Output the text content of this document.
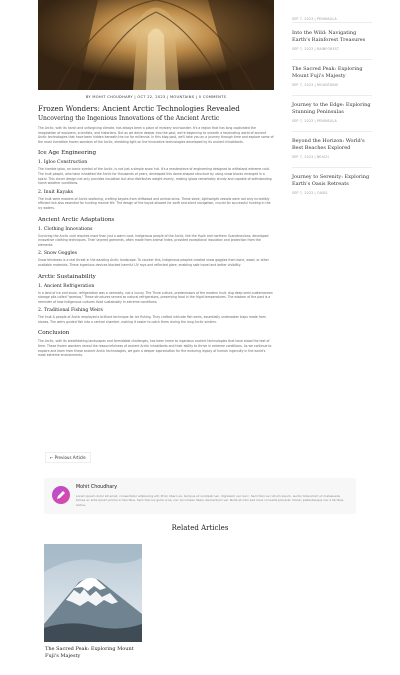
BY MOHIT CHOUDHARY | OCT 22, 2023 | MOUNTAINS | 0 COMMENTS
Frozen Wonders: Ancient Arctic Technologies Revealed
Uncovering the Ingenious Innovations of the Ancient Arctic
The Arctic, with its harsh and unforgiving climate, has always been a place of mystery and wonder. It's a region that has long captivated the imagination of explorers, scientists, and historians. But as we delve deeper into the past, we're beginning to unearth a fascinating world of ancient Arctic technologies that have been hidden beneath the ice for millennia. In this blog post, we'll take you on a journey through time and explore some of the most incredible frozen wonders of the Arctic, shedding light on the innovative technologies developed by its ancient inhabitants.
Ice Age Engineering
1. Igloo Construction
The humble igloo, an iconic symbol of the Arctic, is not just a simple snow hut. It's a masterpiece of engineering designed to withstand extreme cold. The Inuit people, who have inhabited the Arctic for thousands of years, developed this dome-shaped structure by using snow blocks arranged in a spiral. This clever design not only provides insulation but also distributes weight evenly, making igloos remarkably sturdy and capable of withstanding harsh weather conditions.
2. Inuit Kayaks
The Inuit were masters of Arctic seafaring, crafting kayaks from driftwood and animal skins. These sleek, lightweight vessels were not only incredibly efficient but also essential for hunting marine life. The design of the kayak allowed for swift and silent navigation, crucial for successful hunting in the icy waters.
Ancient Arctic Adaptations
1. Clothing Innovations
Surviving the Arctic cold requires more than just a warm coat. Indigenous people of the Arctic, like the Yupik and northern Scandinavians, developed innovative clothing techniques. Their layered garments, often made from animal hides, provided exceptional insulation and protection from the elements.
2. Snow Goggles
Snow blindness is a real threat in the dazzling Arctic landscape. To counter this, Indigenous peoples created snow goggles from bone, wood, or other available materials. These ingenious devices blocked harmful UV rays and reflected glare, enabling safe travel and better visibility.
Arctic Sustainability
1. Ancient Refrigeration
In a land of ice and snow, refrigeration was a necessity, not a luxury. The Thule culture, predecessors of the modern Inuit, dug deep semi-subterranean storage pits called "qarmaq." These structures served as natural refrigerators, preserving food in the frigid temperatures. The wisdom of the past is a reminder of how Indigenous cultures lived sustainably in extreme conditions.
2. Traditional Fishing Weirs
The Inuit & people of Arctic employed a brilliant technique for ice fishing. They crafted intricate fish weirs, essentially underwater traps made from stones. The weirs guided fish into a central chamber, making it easier to catch them during the long Arctic winters.
Conclusion
The Arctic, with its breathtaking landscapes and formidable challenges, has been home to ingenious ancient technologies that have stood the test of time. These frozen wonders reveal the resourcefulness of ancient Arctic inhabitants and their ability to thrive in extreme conditions. As we continue to explore and learn from these ancient Arctic technologies, we gain a deeper appreciation for the enduring legacy of human ingenuity in the world's most extreme environments.
← Previous Article
Mohit Choudhary
Lorem ipsum dolor sit amet, consectetur adipiscing elit. Proin libero ex, tempus ut volutpat nec, dignissim vel nunc. Sed rhoncus rutrum ipsum, auctor bibendum ut malesuada fames ac ante ipsum primis in faucibus. Sed rhoncus gulla urna, nec accumsan libero elementum vel. Nulla et odio sed risus convallis placerat. Donec pellentesque nec a facilisis lectus.
Related Articles
The Sacred Peak: Exploring Mount Fuji's Majesty
SEP 7, 2023 | PENINSULA
Into the Wild: Navigating Earth's Rainforest Treasures
SEP 7, 2023 | RAINFOREST
The Sacred Peak: Exploring Mount Fuji's Majesty
SEP 7, 2023 | MOUNTAINS
Journey to the Edge: Exploring Stunning Peninsulas
SEP 7, 2023 | PENINSULA
Beyond the Horizon: World's Best Beaches Explored
SEP 7, 2023 | BEACH
Journey to Serenity: Exploring Earth's Oasis Retreats
SEP 7, 2023 | OASIS
